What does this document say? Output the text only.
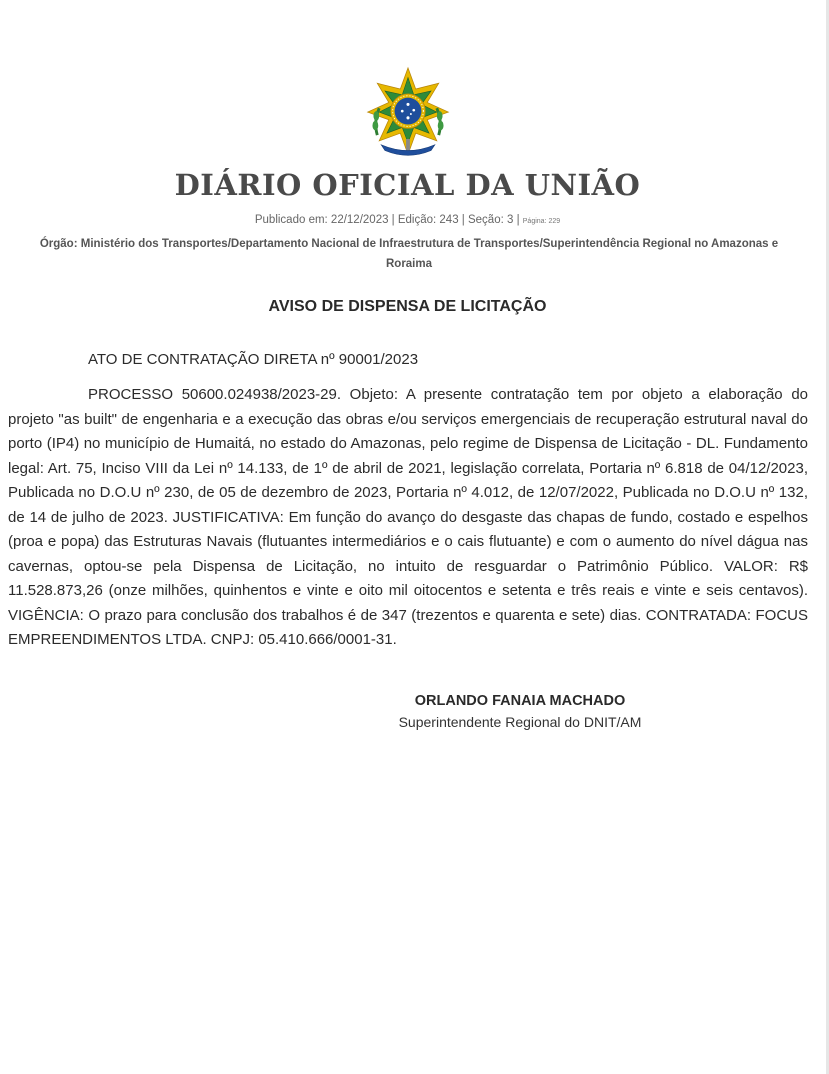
DIÁRIO OFICIAL DA UNIÃO
Publicado em: 22/12/2023 | Edição: 243 | Seção: 3 | Página: 229
Órgão: Ministério dos Transportes/Departamento Nacional de Infraestrutura de Transportes/Superintendência Regional no Amazonas e Roraima
AVISO DE DISPENSA DE LICITAÇÃO
ATO DE CONTRATAÇÃO DIRETA nº 90001/2023

PROCESSO 50600.024938/2023-29. Objeto: A presente contratação tem por objeto a elaboração do projeto "as built" de engenharia e a execução das obras e/ou serviços emergenciais de recuperação estrutural naval do porto (IP4) no município de Humaitá, no estado do Amazonas, pelo regime de Dispensa de Licitação - DL. Fundamento legal: Art. 75, Inciso VIII da Lei nº 14.133, de 1º de abril de 2021, legislação correlata, Portaria nº 6.818 de 04/12/2023, Publicada no D.O.U nº 230, de 05 de dezembro de 2023, Portaria nº 4.012, de 12/07/2022, Publicada no D.O.U nº 132, de 14 de julho de 2023. JUSTIFICATIVA: Em função do avanço do desgaste das chapas de fundo, costado e espelhos (proa e popa) das Estruturas Navais (flutuantes intermediários e o cais flutuante) e com o aumento do nível dágua nas cavernas, optou-se pela Dispensa de Licitação, no intuito de resguardar o Patrimônio Público. VALOR: R$ 11.528.873,26 (onze milhões, quinhentos e vinte e oito mil oitocentos e setenta e três reais e vinte e seis centavos). VIGÊNCIA: O prazo para conclusão dos trabalhos é de 347 (trezentos e quarenta e sete) dias. CONTRATADA: FOCUS EMPREENDIMENTOS LTDA. CNPJ: 05.410.666/0001-31.

ORLANDO FANAIA MACHADO
Superintendente Regional do DNIT/AM
